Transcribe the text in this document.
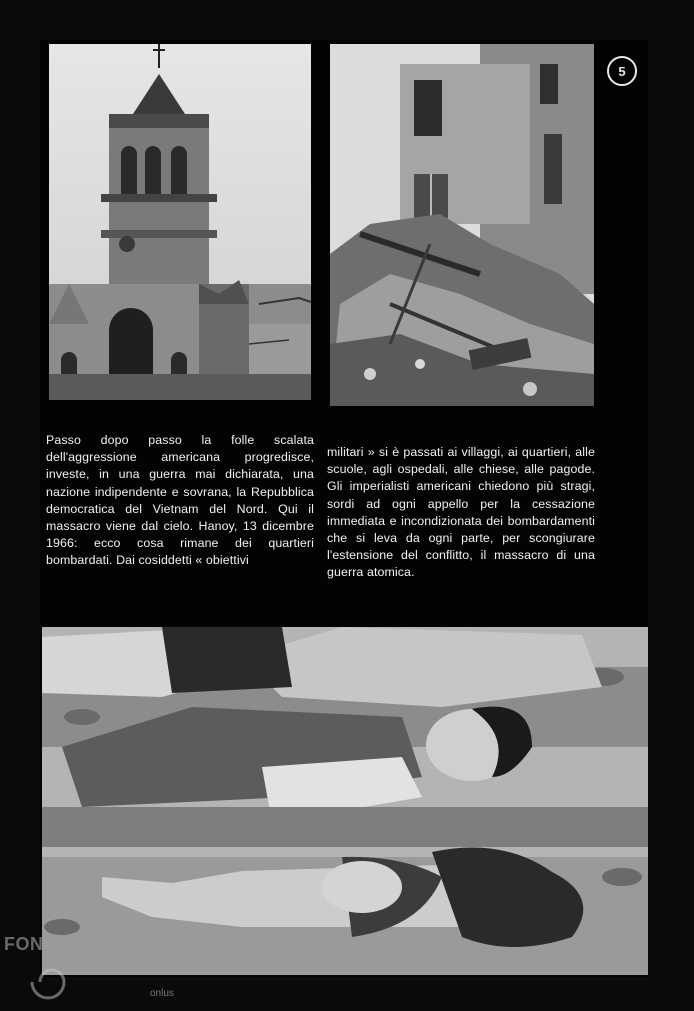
5
Passo dopo passo la folle scalata dell'aggressione americana progredisce, investe, in una guerra mai dichiarata, una nazione indipendente e sovrana, la Repubblica democratica del Vietnam del Nord. Qui il massacro viene dal cielo. Hanoy, 13 dicembre 1966: ecco cosa rimane dei quartieri bombardati. Dai cosiddetti « obiettivi
militari » si è passati ai villaggi, ai quartieri, alle scuole, agli ospedali, alle chiese, alle pagode. Gli imperialisti americani chiedono più stragi, sordi ad ogni appello per la cessazione immediata e incondizionata dei bombardamenti che si leva da ogni parte, per scongiurare l'estensione del conflitto, il massacro di una guerra atomica.
FON
onlus
